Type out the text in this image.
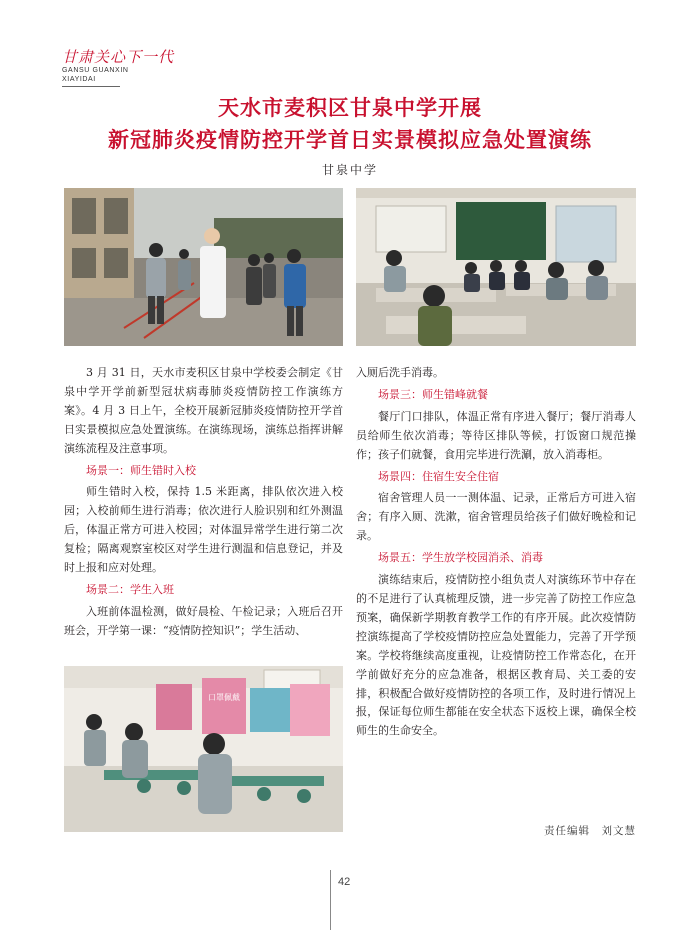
甘肃关心下一代
GANSU GUANXIN
XIAYIDAI
天水市麦积区甘泉中学开展
新冠肺炎疫情防控开学首日实景模拟应急处置演练
甘泉中学
口罩佩戴

3 月 31 日，天水市麦积区甘泉中学校委会制定《甘泉中学开学前新型冠状病毒肺炎疫情防控工作演练方案》。4 月 3 日上午，全校开展新冠肺炎疫情防控开学首日实景模拟应急处置演练。在演练现场，演练总指挥讲解演练流程及注意事项。

场景一：师生错时入校

师生错时入校，保持 1.5 米距离，排队依次进入校园；入校前师生进行消毒；依次进行人脸识别和红外测温后，体温正常方可进入校园；对体温异常学生进行第二次复检；隔离观察室校区对学生进行测温和信息登记，并及时上报和应对处理。

场景二：学生入班

入班前体温检测，做好晨检、午检记录；入班后召开班会，开学第一课：“疫情防控知识”；学生活动、

入厕后洗手消毒。

场景三：师生错峰就餐

餐厅门口排队，体温正常有序进入餐厅；餐厅消毒人员给师生依次消毒；等待区排队等候，打饭窗口规范操作；孩子们就餐，食用完毕进行洗涮，放入消毒柜。

场景四：住宿生安全住宿

宿舍管理人员一一测体温、记录，正常后方可进入宿舍；有序入厕、洗漱，宿舍管理员给孩子们做好晚检和记录。

场景五：学生放学校园消杀、消毒

演练结束后，疫情防控小组负责人对演练环节中存在的不足进行了认真梳理反馈，进一步完善了防控工作应急预案，确保新学期教育教学工作的有序开展。此次疫情防控演练提高了学校疫情防控应急处置能力，完善了开学预案。学校将继续高度重视，让疫情防控工作常态化，在开学前做好充分的应急准备，根据区教育局、关工委的安排，积极配合做好疫情防控的各项工作，及时进行情况上报，保证每位师生都能在安全状态下返校上课，确保全校师生的生命安全。

责任编辑　刘文慧
42
